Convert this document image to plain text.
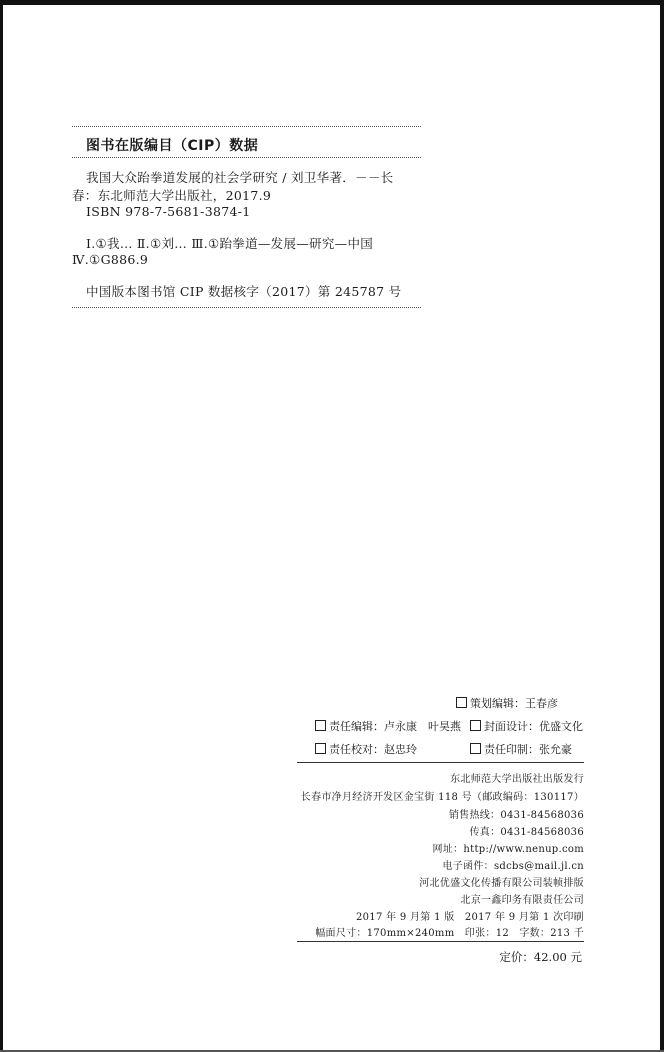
图书在版编目（CIP）数据
我国大众跆拳道发展的社会学研究 / 刘卫华著．－－长
春：东北师范大学出版社，2017.9
ISBN 978-7-5681-3874-1
Ⅰ.①我… Ⅱ.①刘… Ⅲ.①跆拳道—发展—研究—中国
Ⅳ.①G886.9
中国版本图书馆 CIP 数据核字（2017）第 245787 号
策划编辑：王春彦
责任编辑：卢永康　叶昊燕	封面设计：优盛文化
责任校对：赵忠玲	责任印制：张允豪
东北师范大学出版社出版发行
长春市净月经济开发区金宝街 118 号（邮政编码：130117）
销售热线：0431-84568036
传真：0431-84568036
网址：http://www.nenup.com
电子函件：sdcbs@mail.jl.cn
河北优盛文化传播有限公司装帧排版
北京一鑫印务有限责任公司
2017 年 9 月第 1 版　2017 年 9 月第 1 次印刷
幅面尺寸：170mm×240mm　印张：12　字数：213 千
定价：42.00 元
